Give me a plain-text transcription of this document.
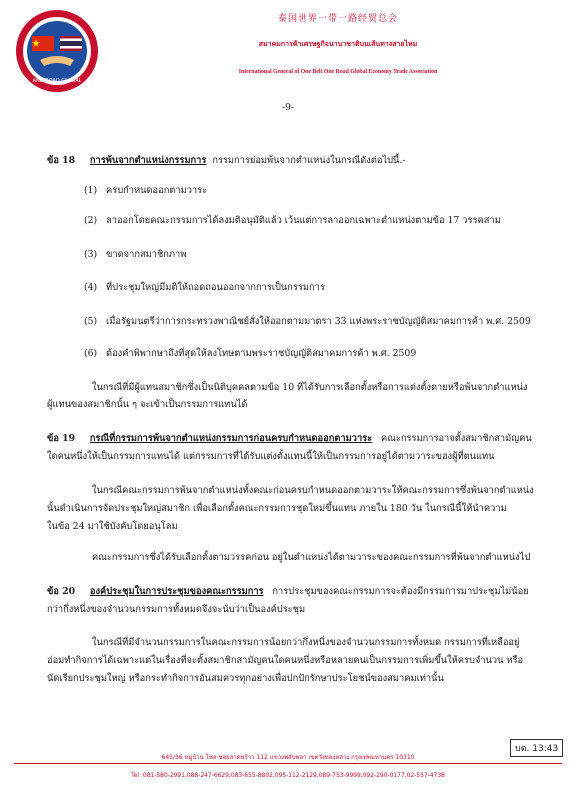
AND ROAD GLOBAL
泰国世界一带一路经贸总会
สมาคมการค้าเศรษฐกิจนานาชาติบนเส้นทางสายไหม
International General of One Belt One Road Global Economy Trade Association
-9-
ข้อ 18 การพ้นจากตำแหน่งกรรมการ กรรมการย่อมพ้นจากตำแหน่งในกรณีดังต่อไปนี้.-
(1) ครบกำหนดออกตามวาระ
(2) ลาออกโดยคณะกรรมการได้ลงมติอนุมัติแล้ว เว้นแต่การลาออกเฉพาะตำแหน่งตามข้อ 17 วรรคสาม
(3) ขาดจากสมาชิกภาพ
(4) ที่ประชุมใหญ่มีมติให้ถอดถอนออกจากการเป็นกรรมการ
(5) เมื่อรัฐมนตรีว่าการกระทรวงพาณิชย์สั่งให้ออกตามมาตรา 33 แห่งพระราชบัญญัติสมาคมการค้า พ.ศ. 2509
(6) ต้องคำพิพากษาถึงที่สุดให้ลงโทษตามพระราชบัญญัติสมาคมการค้า พ.ศ. 2509
ในกรณีที่มีผู้แทนสมาชิกซึ่งเป็นนิติบุคคลตามข้อ 10 ที่ได้รับการเลือกตั้งหรือการแต่งตั้งตายหรือพ้นจากตำแหน่ง
ผู้แทนของสมาชิกนั้น ๆ จะเข้าเป็นกรรมการแทนได้
ข้อ 19 กรณีที่กรรมการพ้นจากตำแหน่งกรรมการก่อนครบกำหนดออกตามวาระ คณะกรรมการอาจตั้งสมาชิกสามัญคน
ใดคนหนึ่งให้เป็นกรรมการแทนได้ แต่กรรมการที่ได้รับแต่งตั้งแทนนี้ให้เป็นกรรมการอยู่ได้ตามวาระของผู้ที่ตนแทน
ในกรณีคณะกรรมการพ้นจากตำแหน่งทั้งคณะก่อนครบกำหนดออกตามวาระให้คณะกรรมการซึ่งพ้นจากตำแหน่ง
นั้นดำเนินการจัดประชุมใหญ่สมาชิก เพื่อเลือกตั้งคณะกรรมการชุดใหม่ขึ้นแทน ภายใน 180 วัน ในกรณีนี้ให้นำความ
ในข้อ 24 มาใช้บังคับโดยอนุโลม
คณะกรรมการซึ่งได้รับเลือกตั้งตามวรรคก่อน อยู่ในตำแหน่งได้ตามวาระของคณะกรรมการที่พ้นจากตำแหน่งไป
ข้อ 20 องค์ประชุมในการประชุมของคณะกรรมการ การประชุมของคณะกรรมการจะต้องมีกรรมการมาประชุมไม่น้อย
กว่ากึ่งหนึ่งของจำนวนกรรมการทั้งหมดจึงจะนับว่าเป็นองค์ประชุม
ในกรณีที่มีจำนวนกรรมการในคณะกรรมการน้อยกว่ากึ่งหนึ่งของจำนวนกรรมการทั้งหมด กรรมการที่เหลืออยู่
อ่อมทำกิจการได้เฉพาะแต่ในเรื่องที่จะตั้งสมาชิกสามัญคนใดคนหนึ่งหรือหลายคนเป็นกรรมการเพิ่มขึ้นให้ครบจำนวน หรือ
นัดเรียกประชุมใหญ่ หรือกระทำกิจการอันสมควรทุกอย่างเพื่อปกปักรักษาประโยชน์ของสมาคมเท่านั้น
บต. 13:43
645/36 หมู่บ้าน โซล ซอยลาดพร้าว 112 แขวงพลับพลา เขตวังทองหลาง กรุงเทพมหานคร 10310
Tel :081-580-2991,088-247-6629,083-655-8802,095-112-2129,089-753-9999,092-290-0177,02-557-4738
